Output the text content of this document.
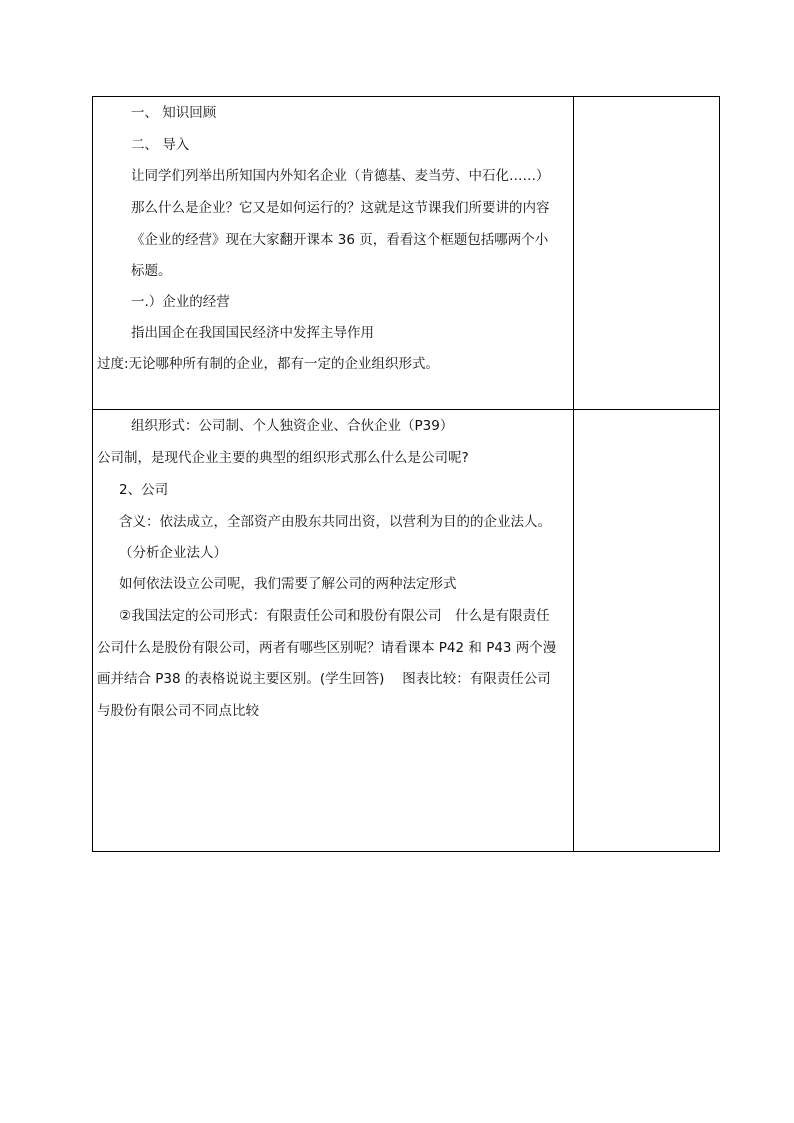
一、 知识回顾
二、 导入
让同学们列举出所知国内外知名企业（肯德基、麦当劳、中石化……）
那么什么是企业？它又是如何运行的？这就是这节课我们所要讲的内容
《企业的经营》现在大家翻开课本 36 页，看看这个框题包括哪两个小
标题。
一.）企业的经营
指出国企在我国国民经济中发挥主导作用
过度:无论哪种所有制的企业，都有一定的企业组织形式。
组织形式：公司制、个人独资企业、合伙企业（P39）
公司制，是现代企业主要的典型的组织形式那么什么是公司呢?
2、公司
含义：依法成立，全部资产由股东共同出资，以营利为目的的企业法人。
（分析企业法人）
如何依法设立公司呢，我们需要了解公司的两种法定形式
②我国法定的公司形式：有限责任公司和股份有限公司　什么是有限责任
公司什么是股份有限公司，两者有哪些区别呢？请看课本 P42 和 P43 两个漫
画并结合 P38 的表格说说主要区别。(学生回答)　 图表比较：有限责任公司
与股份有限公司不同点比较
